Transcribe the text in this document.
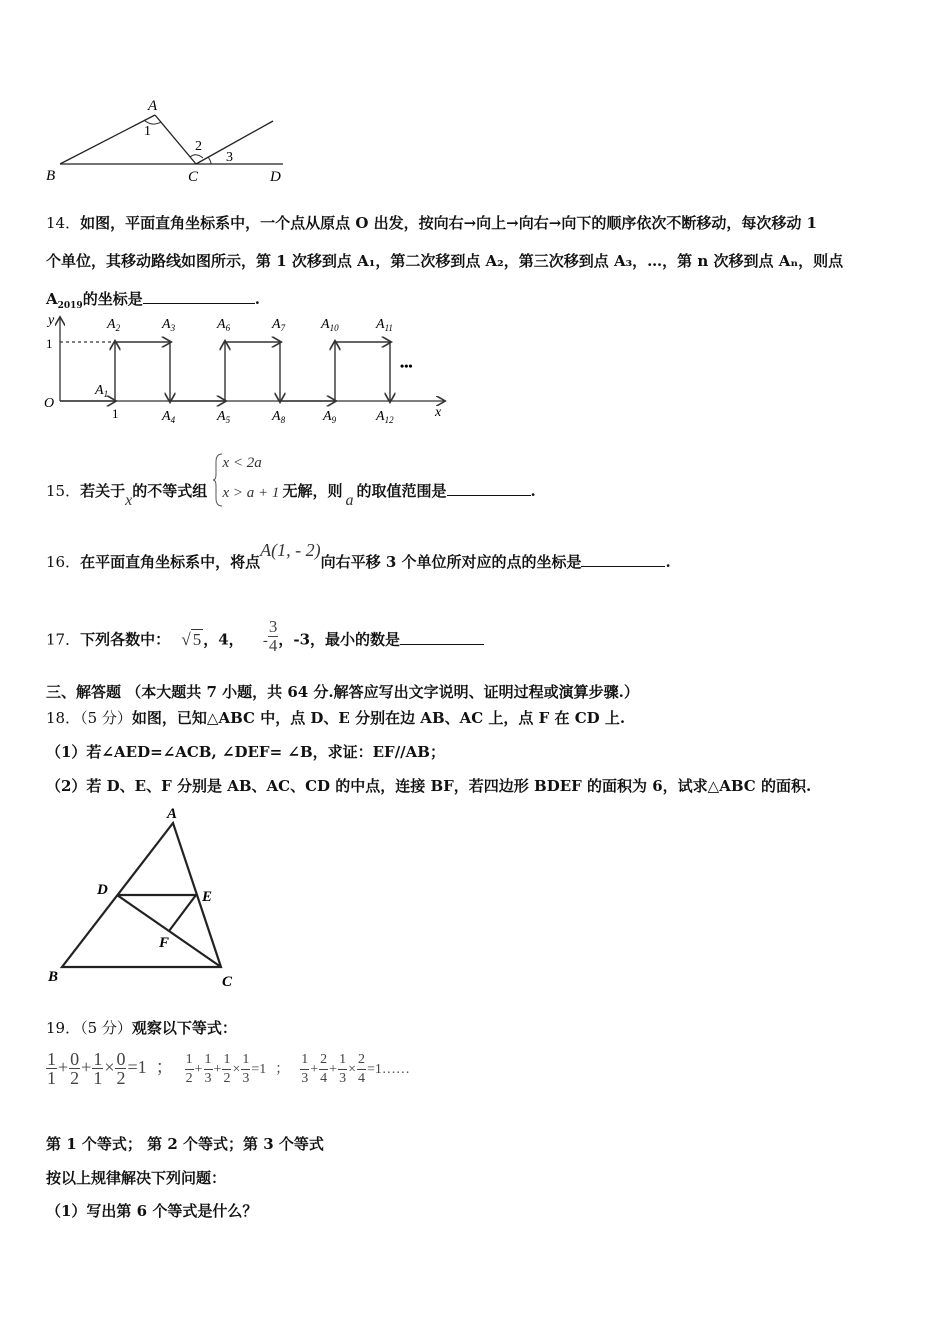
A
1
2
3
B	C	D
14．如图，平面直角坐标系中，一个点从原点 O 出发，按向右→向上→向右→向下的顺序依次不断移动，每次移动 1
个单位，其移动路线如图所示，第 1 次移到点 A₁，第二次移到点 A₂，第三次移到点 A₃，…，第 n 次移到点 Aₙ，则点
$A_{2019}$的坐标是	.
y
x
O
1
1
•••
$A_1$
$A_2$	$A_3$
$A_4$	$A_5$
$A_6$	$A_7$
$A_8$	$A_9$
$A_{10}$	$A_{11}$
$A_{12}$
15．若关于x的不等式组
x < 2a
x > a + 1 无解，则a的取值范围是	.
16．在平面直角坐标系中，将点A(1, - 2)向右平移 3 个单位所对应的点的坐标是	.
17．下列各数中： √ 5 ，4， - $\frac{3}{4}$ ，-3，最小的数是
三、解答题 （本大题共 7 小题，共 64 分.解答应写出文字说明、证明过程或演算步骤.）
18．（5 分）如图，已知△ABC 中，点 D、E 分别在边 AB、AC 上，点 F 在 CD 上.
（1）若∠AED=∠ACB, ∠DEF= ∠B，求证：EF//AB；
（2）若 D、E、F 分别是 AB、AC、CD 的中点，连接 BF，若四边形 BDEF 的面积为 6，试求△ABC 的面积.
A
D	E
F
B	C
19．（5 分）观察以下等式：
$\frac{1}{1} + \frac{0}{2} + \frac{1}{1} \times \frac{0}{2} =1$ ； $\frac{1}{2} + \frac{1}{3} + \frac{1}{2} \times \frac{1}{3} =1$ ； $\frac{1}{3} + \frac{2}{4} + \frac{1}{3} \times \frac{2}{4}$ =1……
第 1 个等式； 第 2 个等式；第 3 个等式
按以上规律解决下列问题：
（1）写出第 6 个等式是什么？
